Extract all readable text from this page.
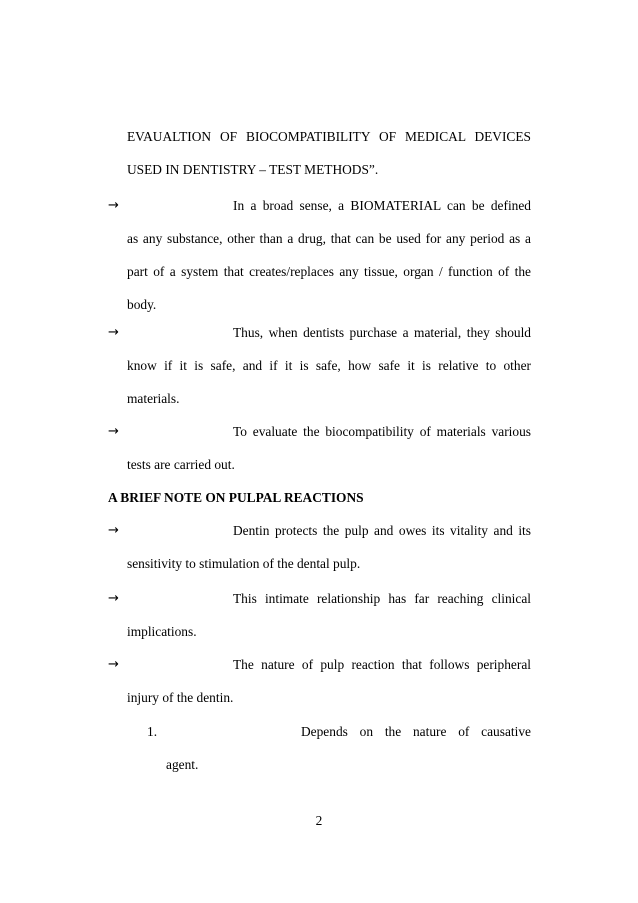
EVAUALTION OF BIOCOMPATIBILITY OF MEDICAL DEVICES
USED IN DENTISTRY – TEST METHODS”.
→	In a broad sense, a BIOMATERIAL can be defined
as any substance, other than a drug, that can be used for any period as a
part of a system that creates/replaces any tissue, organ / function of the
body.
→	Thus, when dentists purchase a material, they should
know if it is safe, and if it is safe, how safe it is relative to other
materials.
→	To evaluate the biocompatibility of materials various
tests are carried out.
A BRIEF NOTE ON PULPAL REACTIONS
→	Dentin protects the pulp and owes its vitality and its
sensitivity to stimulation of the dental pulp.
→	This intimate relationship has far reaching clinical
implications.
→	The nature of pulp reaction that follows peripheral
injury of the dentin.
1.	Depends on the nature of causative
agent.
2
